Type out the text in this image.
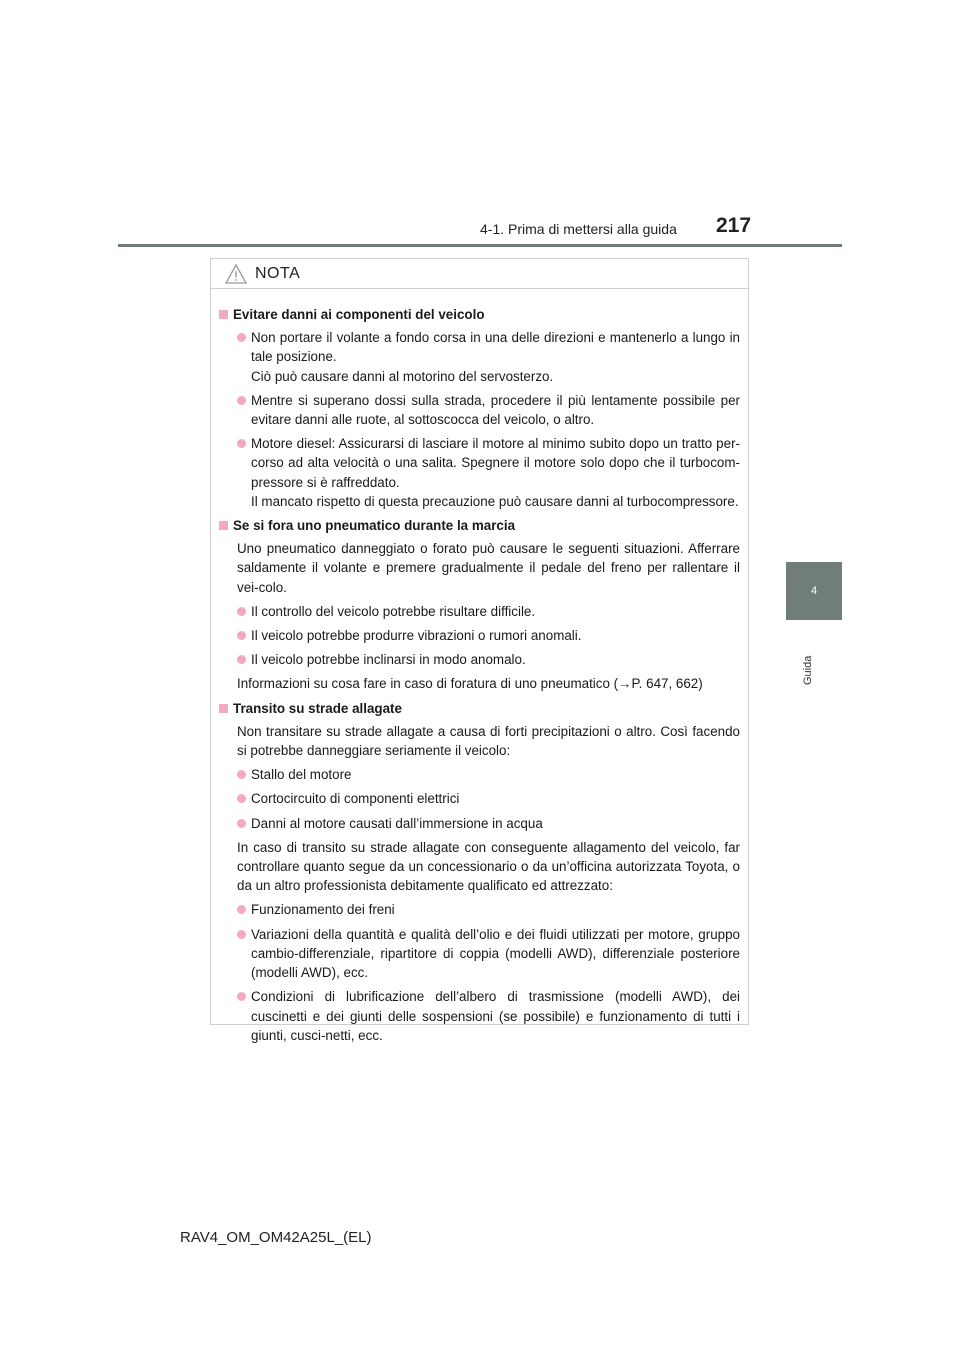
4-1. Prima di mettersi alla guida	217
4
Guida
NOTA
Evitare danni ai componenti del veicolo
Non portare il volante a fondo corsa in una delle direzioni e mantenerlo a lungo in tale posizione.
Ciò può causare danni al motorino del servosterzo.
Mentre si superano dossi sulla strada, procedere il più lentamente possibile per evitare danni alle ruote, al sottoscocca del veicolo, o altro.
Motore diesel: Assicurarsi di lasciare il motore al minimo subito dopo un tratto per-corso ad alta velocità o una salita. Spegnere il motore solo dopo che il turbocom-pressore si è raffreddato.
Il mancato rispetto di questa precauzione può causare danni al turbocompressore.
Se si fora uno pneumatico durante la marcia
Uno pneumatico danneggiato o forato può causare le seguenti situazioni. Afferrare saldamente il volante e premere gradualmente il pedale del freno per rallentare il vei-colo.
Il controllo del veicolo potrebbe risultare difficile.
Il veicolo potrebbe produrre vibrazioni o rumori anomali.
Il veicolo potrebbe inclinarsi in modo anomalo.
Informazioni su cosa fare in caso di foratura di uno pneumatico (→P. 647, 662)
Transito su strade allagate
Non transitare su strade allagate a causa di forti precipitazioni o altro. Così facendo si potrebbe danneggiare seriamente il veicolo:
Stallo del motore
Cortocircuito di componenti elettrici
Danni al motore causati dall’immersione in acqua
In caso di transito su strade allagate con conseguente allagamento del veicolo, far controllare quanto segue da un concessionario o da un’officina autorizzata Toyota, o da un altro professionista debitamente qualificato ed attrezzato:
Funzionamento dei freni
Variazioni della quantità e qualità dell’olio e dei fluidi utilizzati per motore, gruppo cambio-differenziale, ripartitore di coppia (modelli AWD), differenziale posteriore (modelli AWD), ecc.
Condizioni di lubrificazione dell’albero di trasmissione (modelli AWD), dei cuscinetti e dei giunti delle sospensioni (se possibile) e funzionamento di tutti i giunti, cusci-netti, ecc.
RAV4_OM_OM42A25L_(EL)
